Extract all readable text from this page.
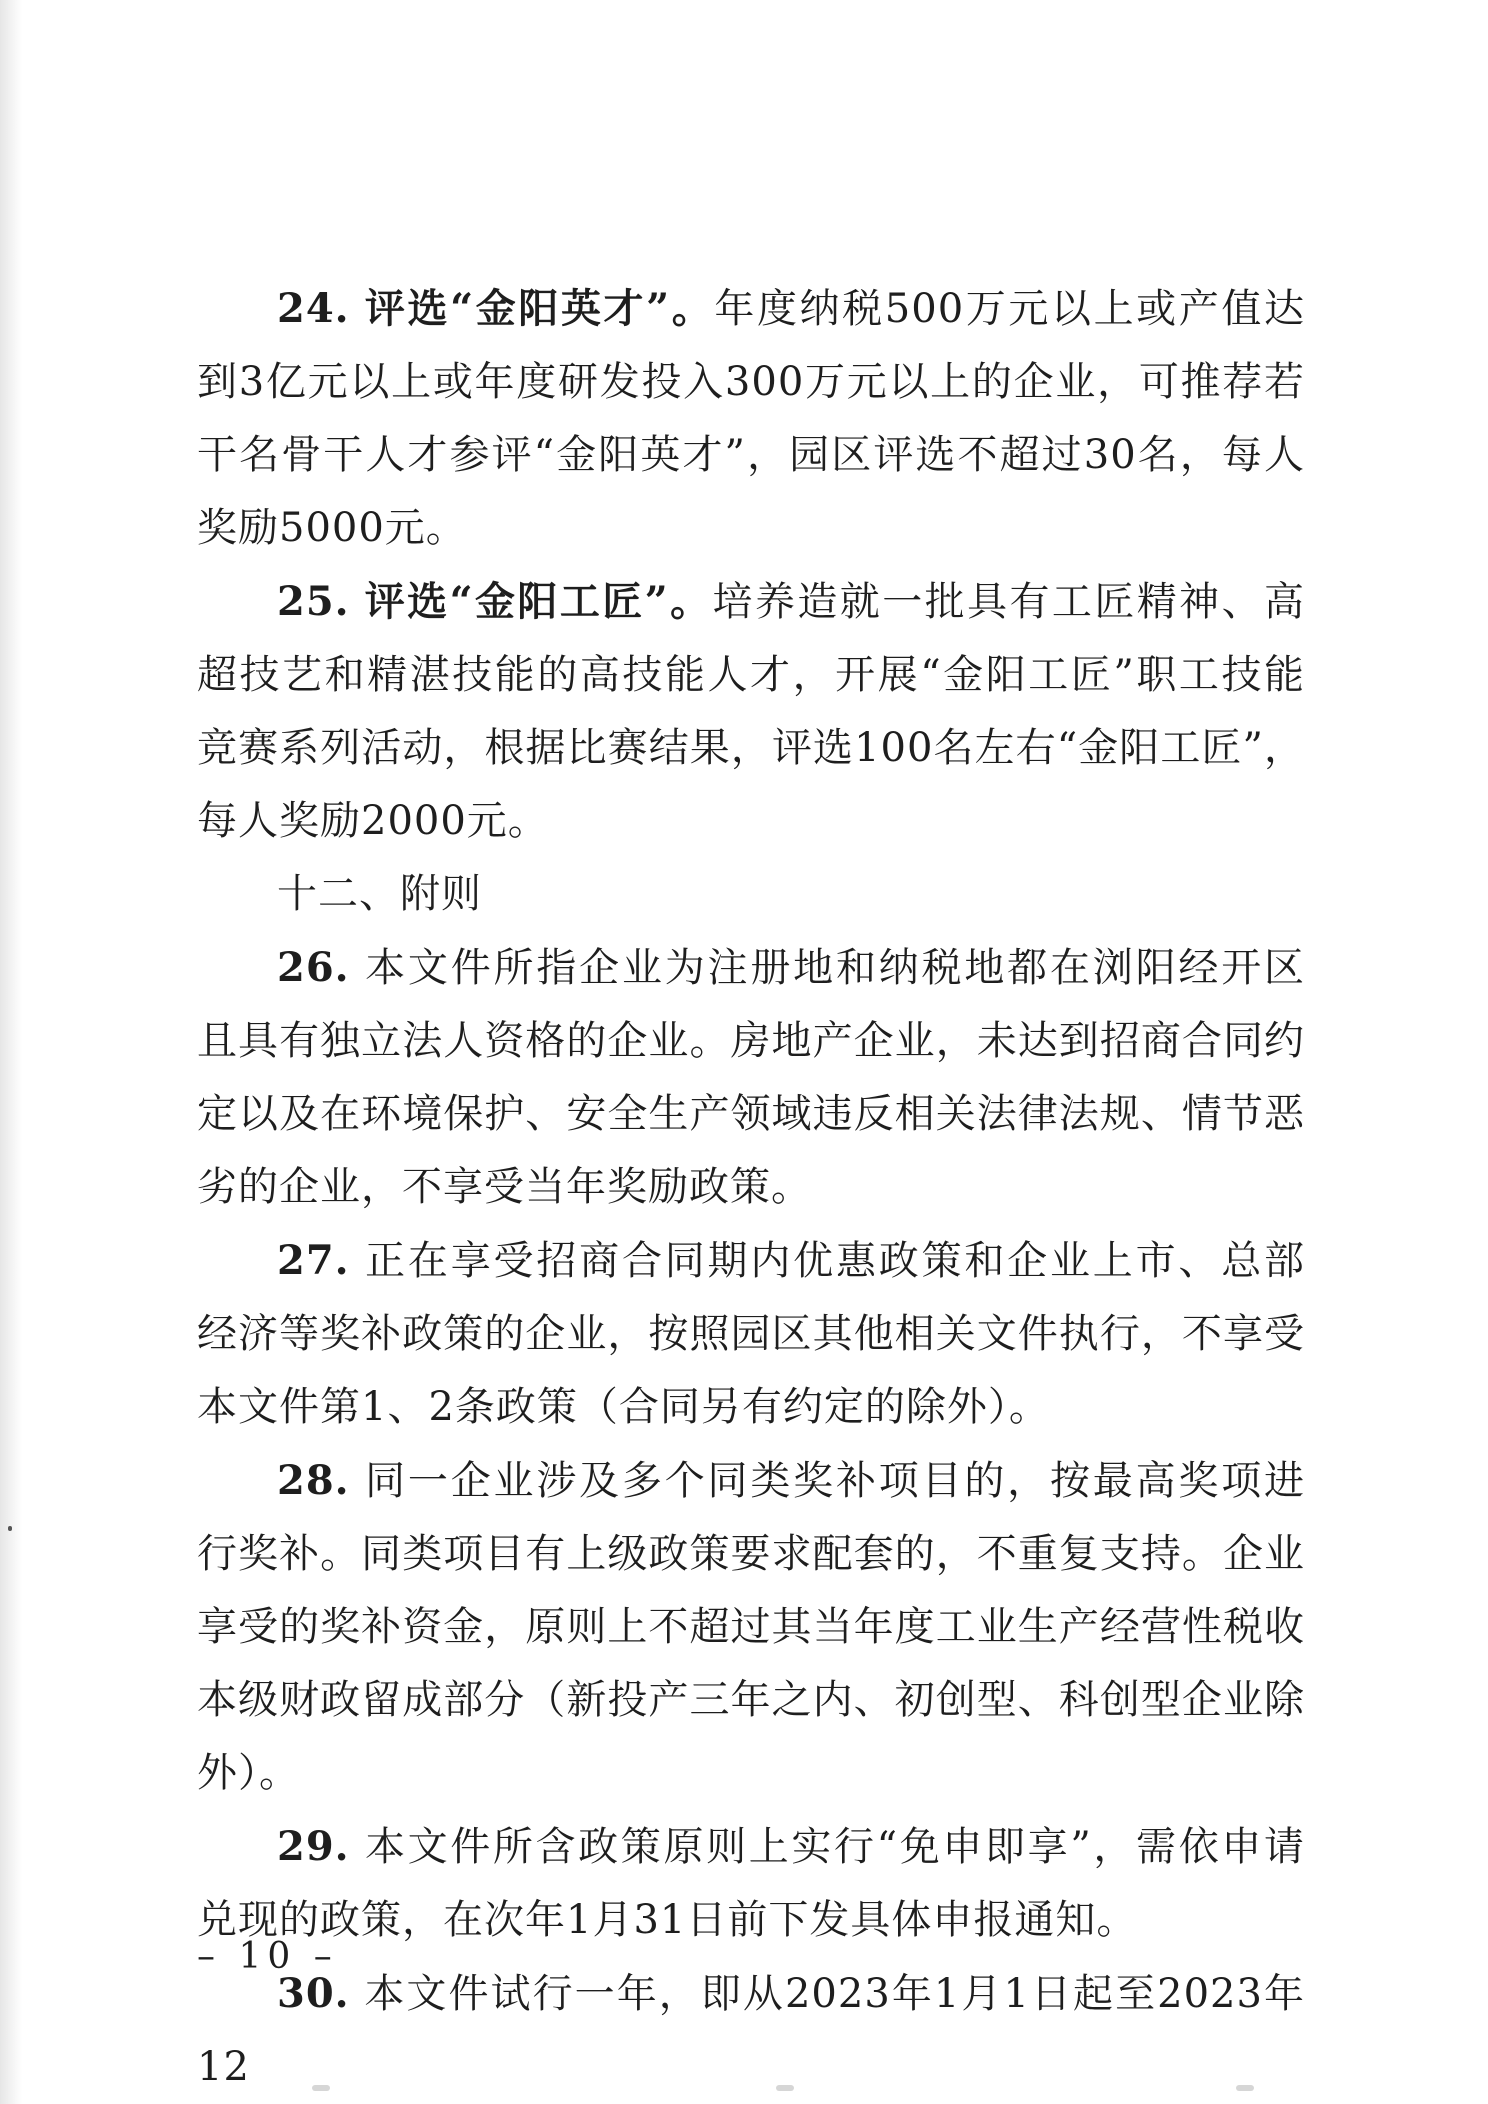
24. 评选“金阳英才”。年度纳税500万元以上或产值达到3亿元以上或年度研发投入300万元以上的企业，可推荐若干名骨干人才参评“金阳英才”，园区评选不超过30名，每人奖励5000元。

25. 评选“金阳工匠”。培养造就一批具有工匠精神、高超技艺和精湛技能的高技能人才，开展“金阳工匠”职工技能竞赛系列活动，根据比赛结果，评选100名左右“金阳工匠”，每人奖励2000元。

十二、附则

26. 本文件所指企业为注册地和纳税地都在浏阳经开区且具有独立法人资格的企业。房地产企业，未达到招商合同约定以及在环境保护、安全生产领域违反相关法律法规、情节恶劣的企业，不享受当年奖励政策。

27. 正在享受招商合同期内优惠政策和企业上市、总部经济等奖补政策的企业，按照园区其他相关文件执行，不享受本文件第1、2条政策（合同另有约定的除外）。

28. 同一企业涉及多个同类奖补项目的，按最高奖项进行奖补。同类项目有上级政策要求配套的，不重复支持。企业享受的奖补资金，原则上不超过其当年度工业生产经营性税收本级财政留成部分（新投产三年之内、初创型、科创型企业除外）。

29. 本文件所含政策原则上实行“免申即享”，需依申请兑现的政策，在次年1月31日前下发具体申报通知。

30. 本文件试行一年，即从2023年1月1日起至2023年12

– 10 –
